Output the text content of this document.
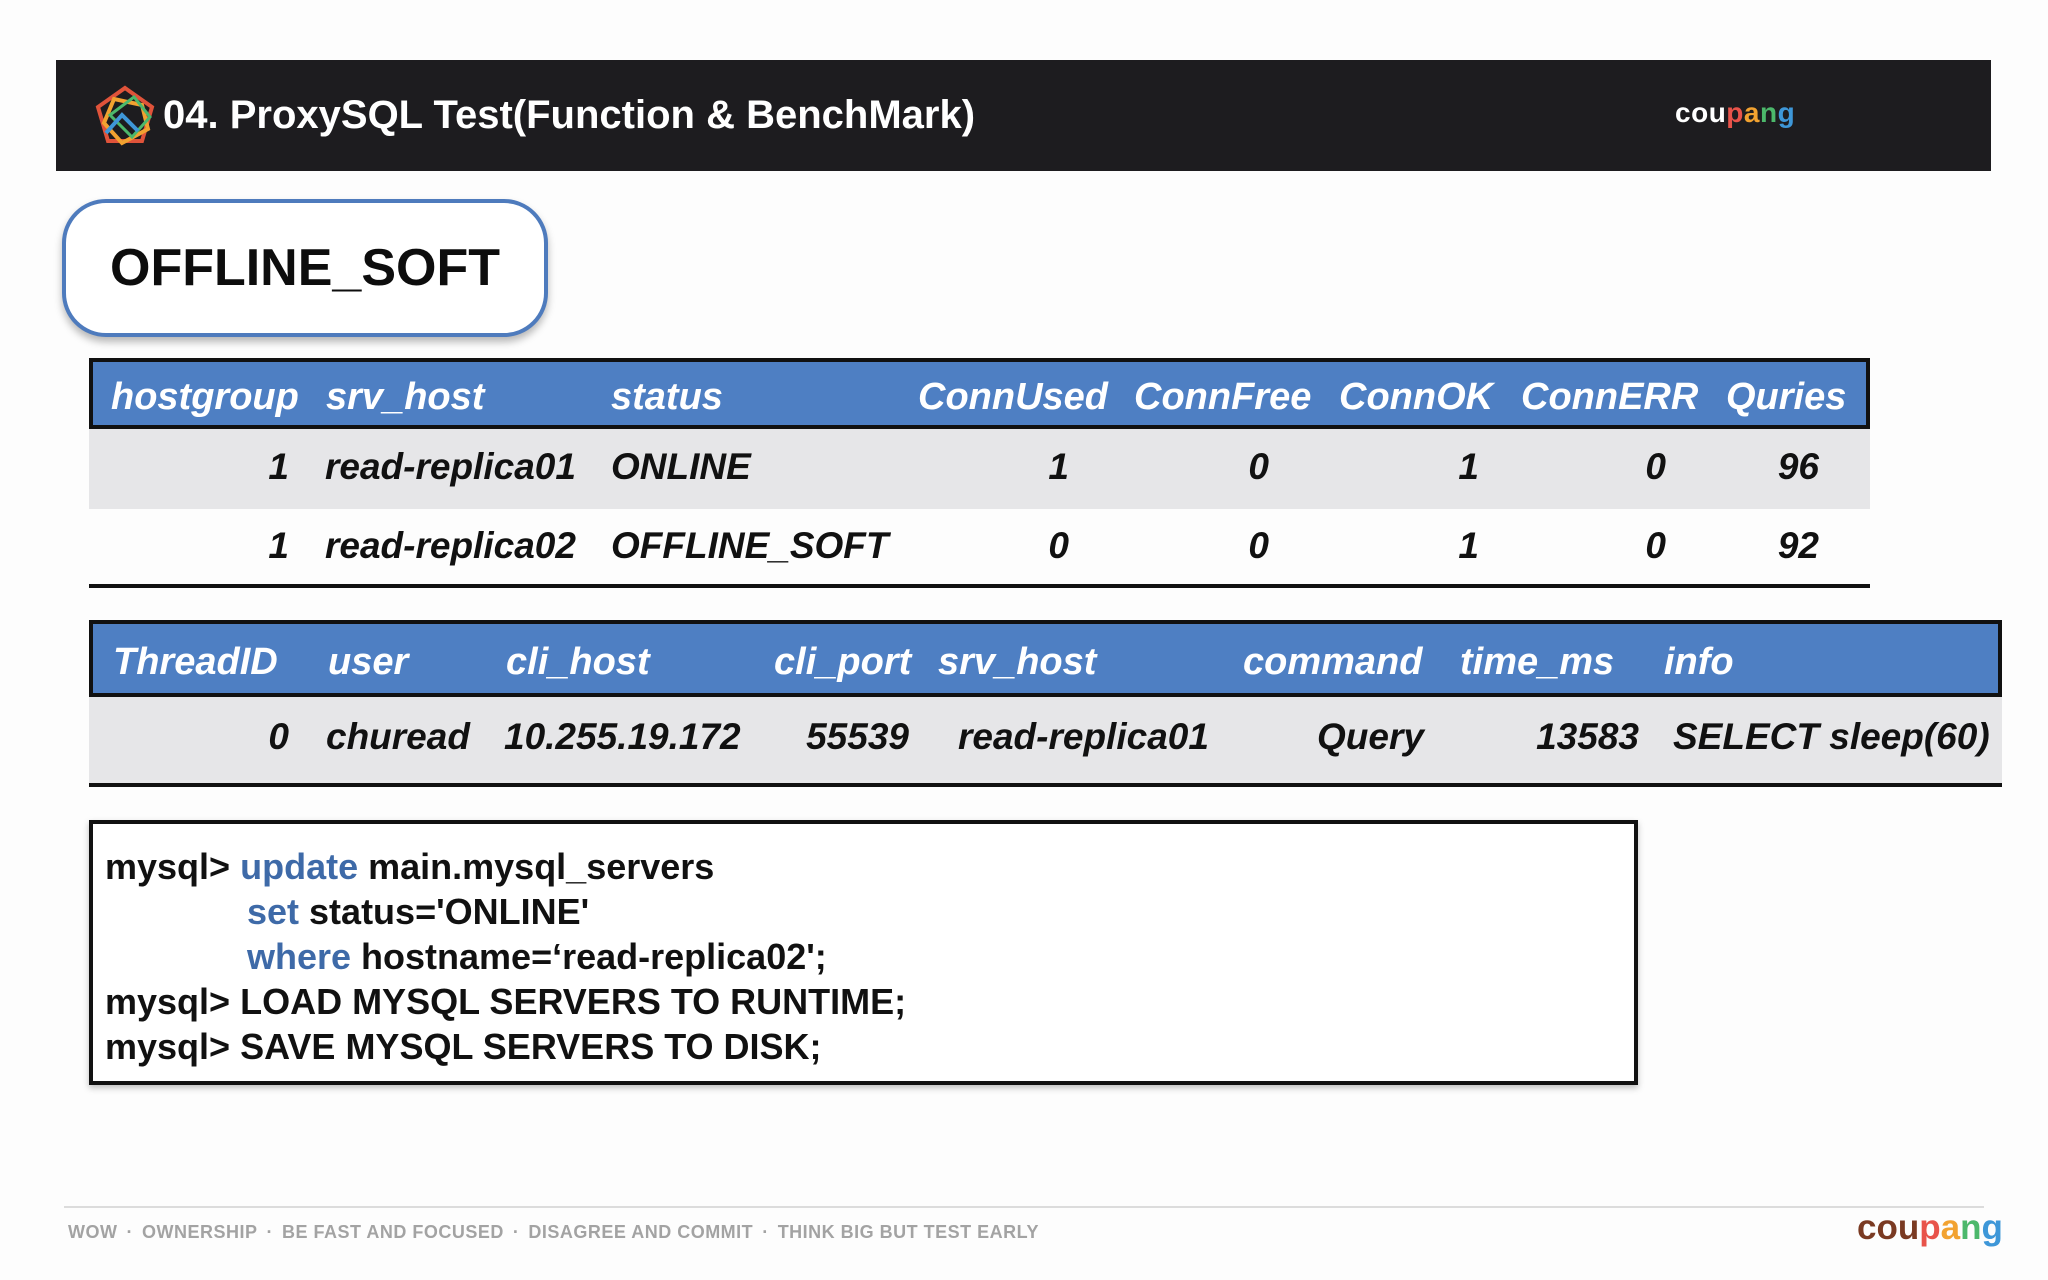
04. ProxySQL Test(Function & BenchMark)	coupang
OFFLINE_SOFT
hostgroup srv_host	status	ConnUsed ConnFree ConnOK ConnERR Quries
1 read-replica01 ONLINE	1	0	1	0	96
1 read-replica02 OFFLINE_SOFT	0	0	1	0	92
ThreadID user	cli_host	cli_port srv_host	command time_ms info
0 churead 10.255.19.172	55539 read-replica01	Query	13583 SELECT sleep(60)
mysql> update main.mysql_servers
set status='ONLINE'
where hostname=‘read-replica02';
mysql> LOAD MYSQL SERVERS TO RUNTIME;
mysql> SAVE MYSQL SERVERS TO DISK;
WOW · OWNERSHIP · BE FAST AND FOCUSED · DISAGREE AND COMMIT · THINK BIG BUT TEST EARLY	coupang
